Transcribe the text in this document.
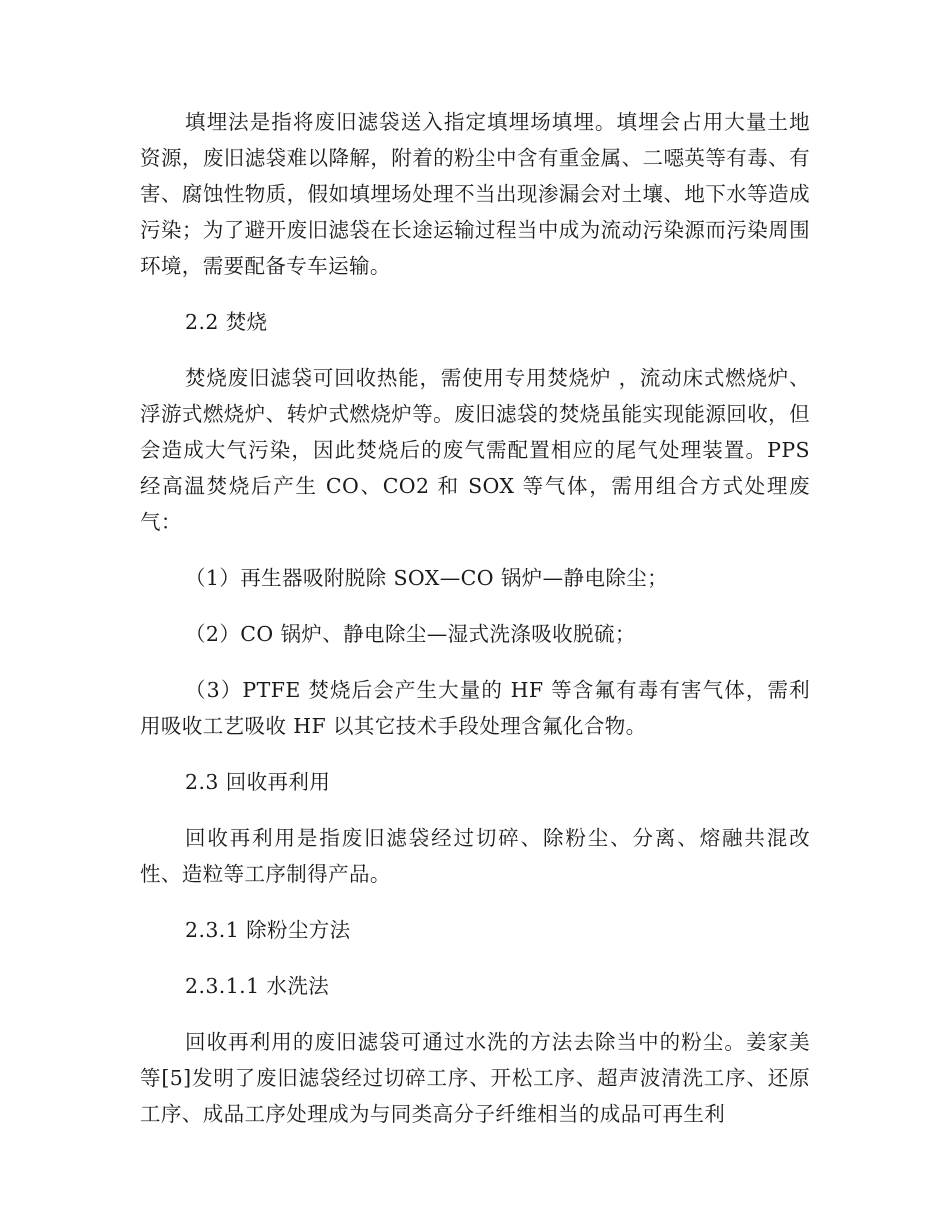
填埋法是指将废旧滤袋送入指定填埋场填埋。填埋会占用大量土地资源，废旧滤袋难以降解，附着的粉尘中含有重金属、二噁英等有毒、有害、腐蚀性物质，假如填埋场处理不当出现渗漏会对土壤、地下水等造成污染；为了避开废旧滤袋在长途运输过程当中成为流动污染源而污染周围环境，需要配备专车运输。

2.2 焚烧

焚烧废旧滤袋可回收热能，需使用专用焚烧炉 ，流动床式燃烧炉、浮游式燃烧炉、转炉式燃烧炉等。废旧滤袋的焚烧虽能实现能源回收，但会造成大气污染，因此焚烧后的废气需配置相应的尾气处理装置。PPS 经高温焚烧后产生 CO、CO2 和 SOX 等气体，需用组合方式处理废气：

（1）再生器吸附脱除 SOX—CO 锅炉—静电除尘；

（2）CO 锅炉、静电除尘—湿式洗涤吸收脱硫；

（3）PTFE 焚烧后会产生大量的 HF 等含氟有毒有害气体，需利用吸收工艺吸收 HF 以其它技术手段处理含氟化合物。

2.3 回收再利用

回收再利用是指废旧滤袋经过切碎、除粉尘、分离、熔融共混改性、造粒等工序制得产品。

2.3.1 除粉尘方法

2.3.1.1 水洗法

回收再利用的废旧滤袋可通过水洗的方法去除当中的粉尘。姜家美等[5]发明了废旧滤袋经过切碎工序、开松工序、超声波清洗工序、还原工序、成品工序处理成为与同类高分子纤维相当的成品可再生利
